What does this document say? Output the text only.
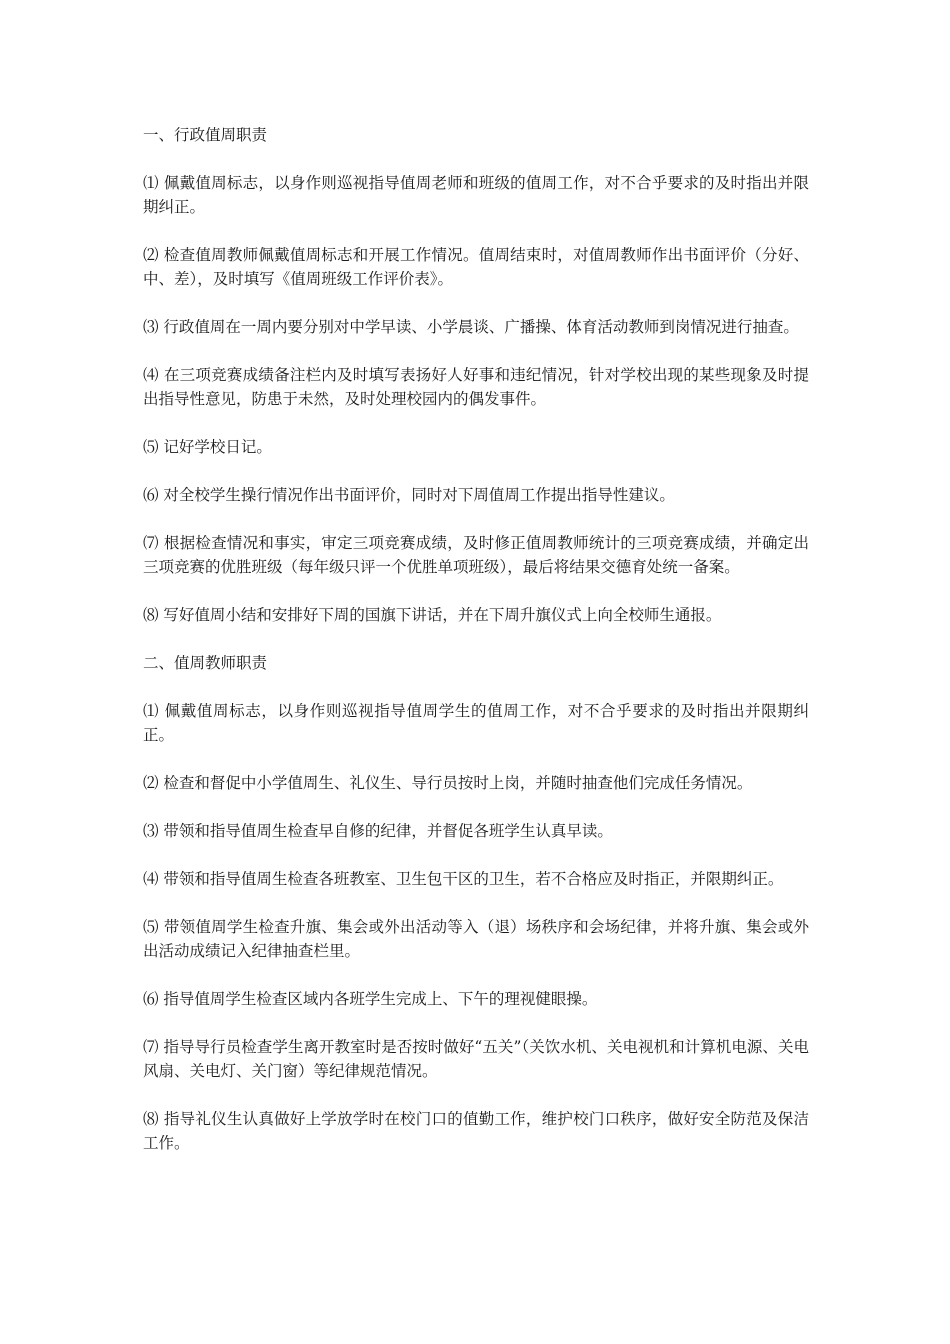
一、行政值周职责
⑴ 佩戴值周标志，以身作则巡视指导值周老师和班级的值周工作，对不合乎要求的及时指出并限期纠正。
⑵ 检查值周教师佩戴值周标志和开展工作情况。值周结束时，对值周教师作出书面评价（分好、中、差），及时填写《值周班级工作评价表》。
⑶ 行政值周在一周内要分别对中学早读、小学晨谈、广播操、体育活动教师到岗情况进行抽查。
⑷ 在三项竞赛成绩备注栏内及时填写表扬好人好事和违纪情况，针对学校出现的某些现象及时提出指导性意见，防患于未然，及时处理校园内的偶发事件。
⑸ 记好学校日记。
⑹ 对全校学生操行情况作出书面评价，同时对下周值周工作提出指导性建议。
⑺ 根据检查情况和事实，审定三项竞赛成绩，及时修正值周教师统计的三项竞赛成绩，并确定出三项竞赛的优胜班级（每年级只评一个优胜单项班级），最后将结果交德育处统一备案。
⑻ 写好值周小结和安排好下周的国旗下讲话，并在下周升旗仪式上向全校师生通报。
二、值周教师职责
⑴ 佩戴值周标志，以身作则巡视指导值周学生的值周工作，对不合乎要求的及时指出并限期纠正。
⑵ 检查和督促中小学值周生、礼仪生、导行员按时上岗，并随时抽查他们完成任务情况。
⑶ 带领和指导值周生检查早自修的纪律，并督促各班学生认真早读。
⑷ 带领和指导值周生检查各班教室、卫生包干区的卫生，若不合格应及时指正，并限期纠正。
⑸ 带领值周学生检查升旗、集会或外出活动等入（退）场秩序和会场纪律，并将升旗、集会或外出活动成绩记入纪律抽查栏里。
⑹ 指导值周学生检查区域内各班学生完成上、下午的理视健眼操。
⑺ 指导导行员检查学生离开教室时是否按时做好“五关”（关饮水机、关电视机和计算机电源、关电风扇、关电灯、关门窗）等纪律规范情况。
⑻ 指导礼仪生认真做好上学放学时在校门口的值勤工作，维护校门口秩序，做好安全防范及保洁工作。
